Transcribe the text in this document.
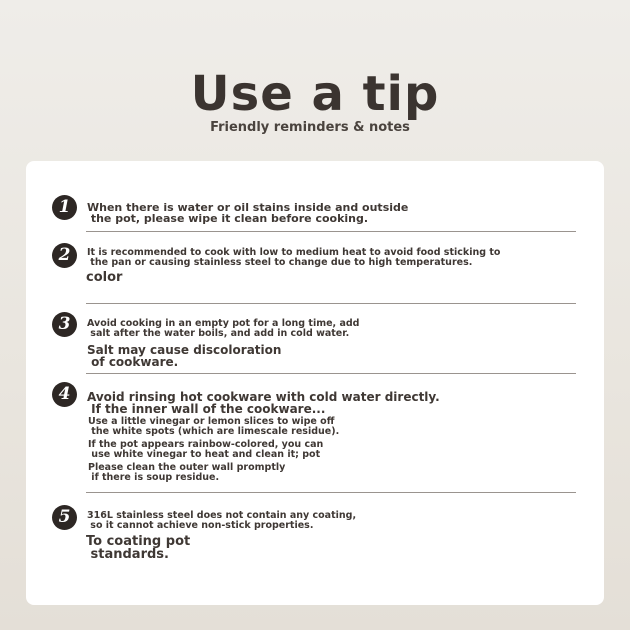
Use a tip
Friendly reminders & notes
1	When there is water or oil stains inside and outside
the pot, please wipe it clean before cooking.
2	It is recommended to cook with low to medium heat to avoid food sticking to
the pan or causing stainless steel to change due to high temperatures.
color
3	Avoid cooking in an empty pot for a long time, add
salt after the water boils, and add in cold water.
Salt may cause discoloration
of cookware.
4	Avoid rinsing hot cookware with cold water directly.
If the inner wall of the cookware...
Use a little vinegar or lemon slices to wipe off
the white spots (which are limescale residue).
If the pot appears rainbow-colored, you can
use white vinegar to heat and clean it; pot
Please clean the outer wall promptly
if there is soup residue.
5	316L stainless steel does not contain any coating,
so it cannot achieve non-stick properties.
To coating pot
standards.
